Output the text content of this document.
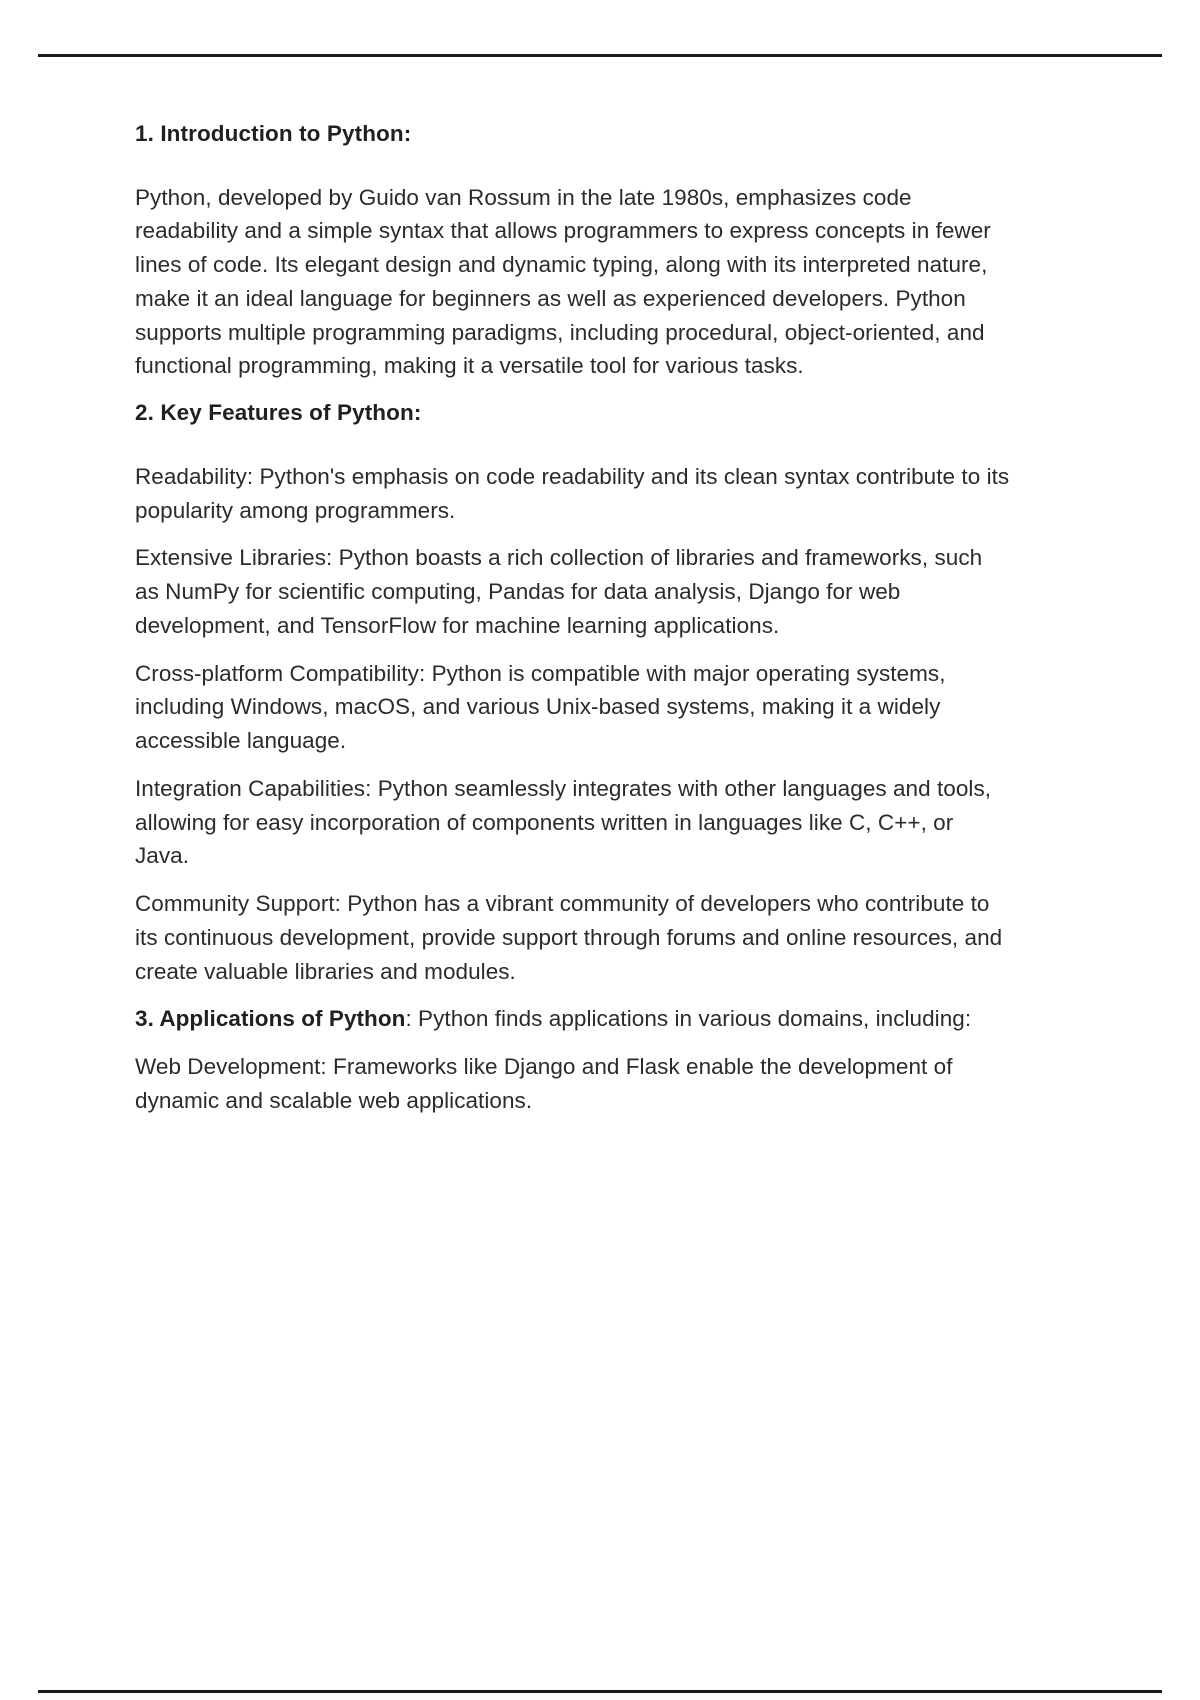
1. Introduction to Python:

Python, developed by Guido van Rossum in the late 1980s, emphasizes code readability and a simple syntax that allows programmers to express concepts in fewer lines of code. Its elegant design and dynamic typing, along with its interpreted nature, make it an ideal language for beginners as well as experienced developers. Python supports multiple programming paradigms, including procedural, object-oriented, and functional programming, making it a versatile tool for various tasks.

2. Key Features of Python:

Readability: Python's emphasis on code readability and its clean syntax contribute to its popularity among programmers.

Extensive Libraries: Python boasts a rich collection of libraries and frameworks, such as NumPy for scientific computing, Pandas for data analysis, Django for web development, and TensorFlow for machine learning applications.

Cross-platform Compatibility: Python is compatible with major operating systems, including Windows, macOS, and various Unix-based systems, making it a widely accessible language.

Integration Capabilities: Python seamlessly integrates with other languages and tools, allowing for easy incorporation of components written in languages like C, C++, or Java.

Community Support: Python has a vibrant community of developers who contribute to its continuous development, provide support through forums and online resources, and create valuable libraries and modules.

3. Applications of Python: Python finds applications in various domains, including:

Web Development: Frameworks like Django and Flask enable the development of dynamic and scalable web applications.
